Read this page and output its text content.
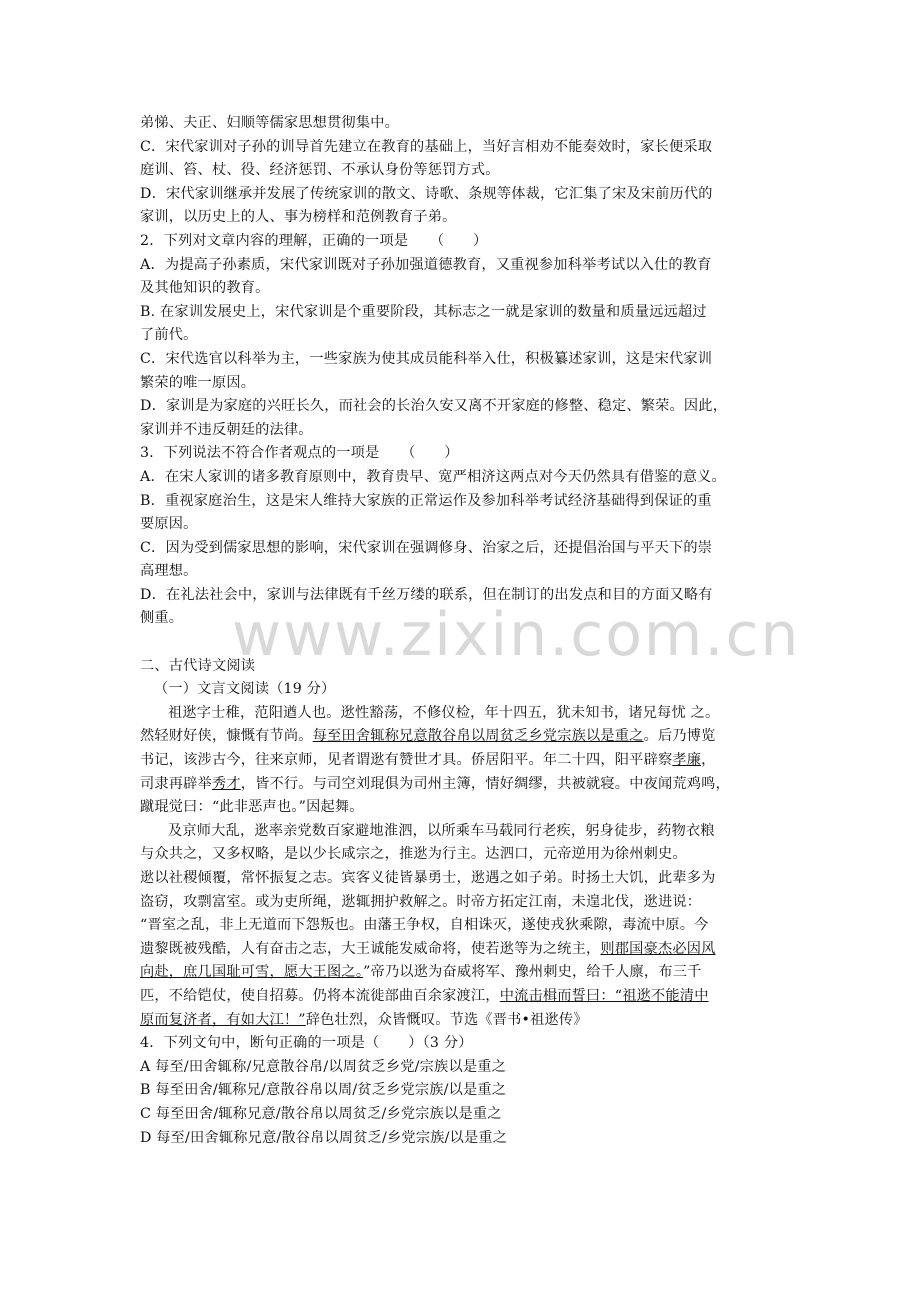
www.zixin.com.cn
弟悌、夫正、妇顺等儒家思想贯彻集中。
C．宋代家训对子孙的训导首先建立在教育的基础上，当好言相劝不能奏效时，家长便采取
庭训、笞、杖、役、经济惩罚、不承认身份等惩罚方式。
D．宋代家训继承并发展了传统家训的散文、诗歌、条规等体裁，它汇集了宋及宋前历代的
家训，以历史上的人、事为榜样和范例教育子弟。
2．下列对文章内容的理解，正确的一项是　　（　　）
A．为提高子孙素质，宋代家训既对子孙加强道德教育，又重视参加科举考试以入仕的教育
及其他知识的教育。
B. 在家训发展史上，宋代家训是个重要阶段，其标志之一就是家训的数量和质量远远超过
了前代。
C．宋代选官以科举为主，一些家族为使其成员能科举入仕，积极纂述家训，这是宋代家训
繁荣的唯一原因。
D．家训是为家庭的兴旺长久，而社会的长治久安又离不开家庭的修整、稳定、繁荣。因此，
家训并不违反朝廷的法律。
3．下列说法不符合作者观点的一项是　　（　　）
A．在宋人家训的诸多教育原则中，教育贵早、宽严相济这两点对今天仍然具有借鉴的意义。
B．重视家庭治生，这是宋人维持大家族的正常运作及参加科举考试经济基础得到保证的重
要原因。
C．因为受到儒家思想的影响，宋代家训在强调修身、治家之后，还提倡治国与平天下的崇
高理想。
D．在礼法社会中，家训与法律既有千丝万缕的联系，但在制订的出发点和目的方面又略有
侧重。
二、古代诗文阅读
（一）文言文阅读（19 分）
祖逖字士稚，范阳遒人也。逖性豁荡，不修仪检，年十四五，犹未知书，诸兄每忧 之。
然轻财好侠，慷慨有节尚。每至田舍辄称兄意散谷帛以周贫乏乡党宗族以是重之。后乃博览
书记，该涉古今，往来京师，见者谓逖有赞世才具。侨居阳平。年二十四，阳平辟察孝廉，
司隶再辟举秀才，皆不行。与司空刘琨俱为司州主簿，情好绸缪，共被就寝。中夜闻荒鸡鸣，
蹴琨觉曰：“此非恶声也。”因起舞。
及京师大乱，逖率亲党数百家避地淮泗，以所乘车马载同行老疾，躬身徒步，药物衣粮
与众共之，又多权略，是以少长咸宗之，推逖为行主。达泗口，元帝逆用为徐州刺史。
逖以社稷倾覆，常怀振复之志。宾客义徒皆暴勇士，逖遇之如子弟。时扬土大饥，此辈多为
盗窃，攻剽富室。或为吏所绳，逖辄拥护救解之。时帝方拓定江南，未遑北伐，逖进说：
“晋室之乱，非上无道而下怨叛也。由藩王争权，自相诛灭，遂使戎狄乘隙，毒流中原。今
遗黎既被残酷，人有奋击之志，大王诚能发威命将，使若逖等为之统主，则郡国豪杰必因风
向赴，庶几国耻可雪，愿大王图之。”帝乃以逖为奋威将军、豫州刺史，给千人廪，布三千
匹，不给铠仗，使自招募。仍将本流徙部曲百余家渡江，中流击楫而誓曰：“祖逖不能清中
原而复济者，有如大江！”辞色壮烈，众皆慨叹。节选《晋书•祖逖传》
4．下列文句中，断句正确的一项是（　　）（3 分）
A 每至/田舍辄称/兄意散谷帛/以周贫乏乡党/宗族以是重之
B 每至田舍/辄称兄/意散谷帛以周/贫乏乡党宗族/以是重之
C 每至田舍/辄称兄意/散谷帛以周贫乏/乡党宗族以是重之
D 每至/田舍辄称兄意/散谷帛以周贫乏/乡党宗族/以是重之
